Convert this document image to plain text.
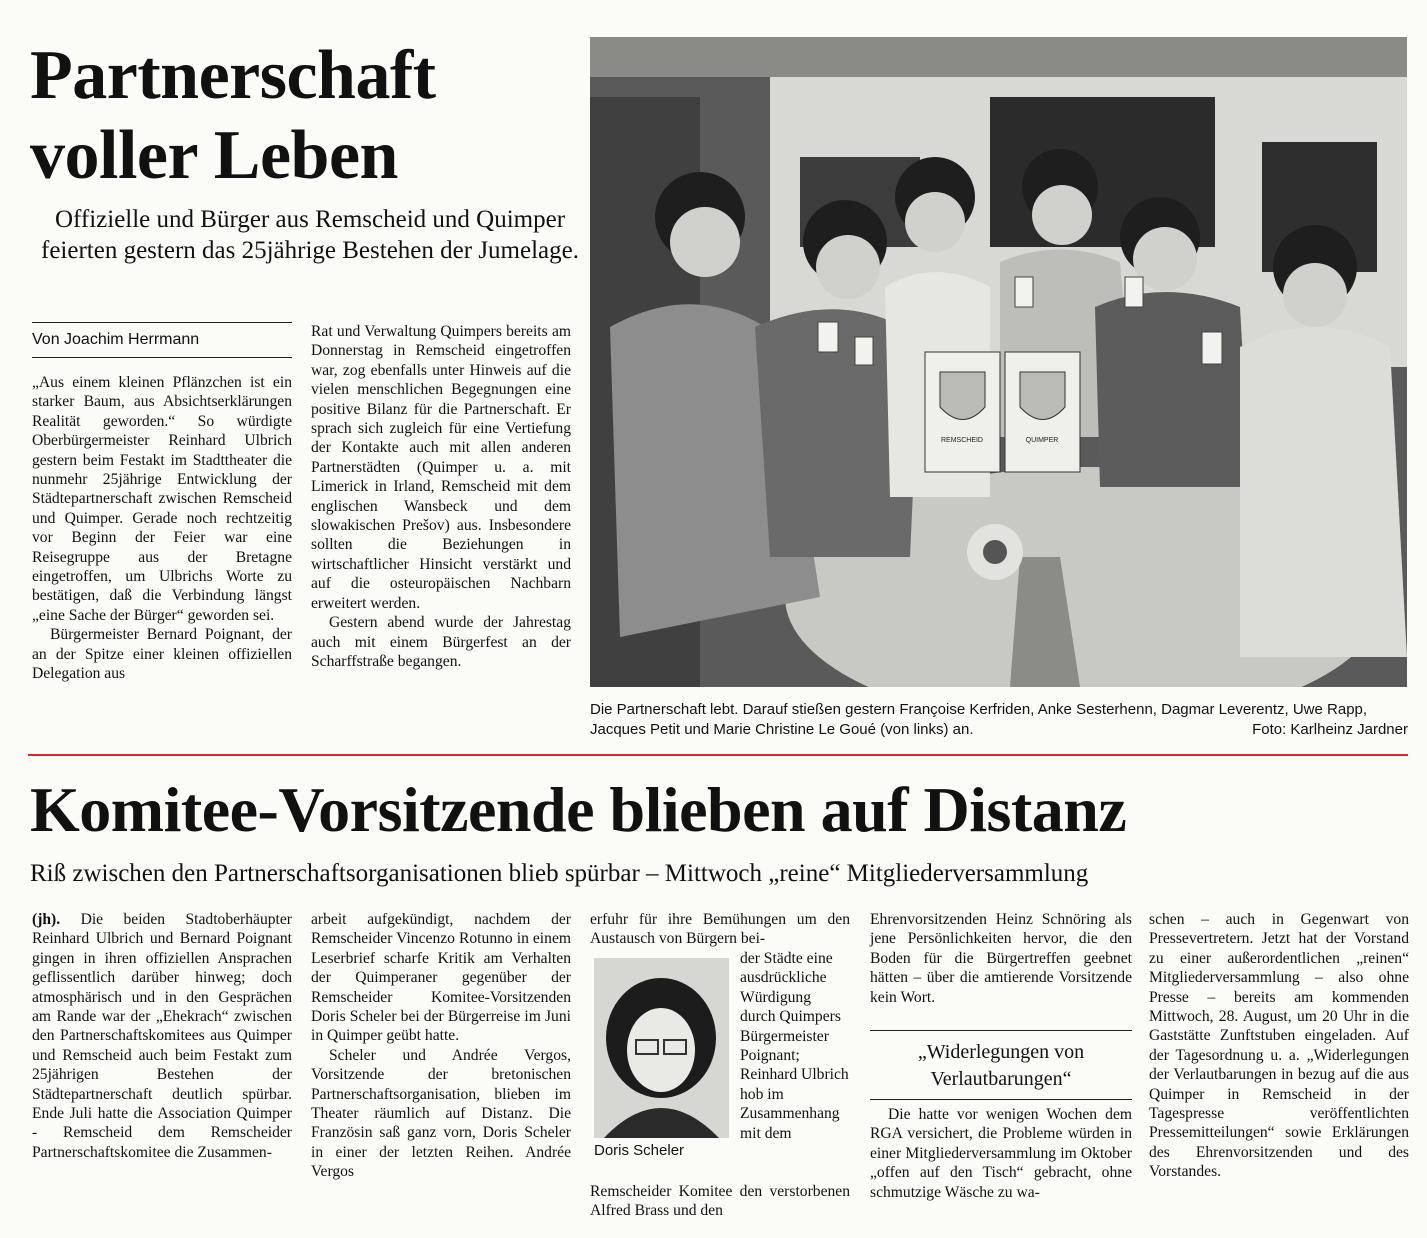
Partnerschaft voller Leben
Offizielle und Bürger aus Remscheid und Quimper feierten gestern das 25jährige Bestehen der Jumelage.
Von Joachim Herrmann

„Aus einem kleinen Pflänzchen ist ein starker Baum, aus Absichtserklärungen Realität geworden.“ So würdigte Oberbürgermeister Reinhard Ulbrich gestern beim Festakt im Stadttheater die nunmehr 25jährige Entwicklung der Städtepartnerschaft zwischen Remscheid und Quimper. Gerade noch rechtzeitig vor Beginn der Feier war eine Reisegruppe aus der Bretagne eingetroffen, um Ulbrichs Worte zu bestätigen, daß die Verbindung längst „eine Sache der Bürger“ geworden sei.

Bürgermeister Bernard Poignant, der an der Spitze einer kleinen offiziellen Delegation aus

Rat und Verwaltung Quimpers bereits am Donnerstag in Remscheid eingetroffen war, zog ebenfalls unter Hinweis auf die vielen menschlichen Begegnungen eine positive Bilanz für die Partnerschaft. Er sprach sich zugleich für eine Vertiefung der Kontakte auch mit allen anderen Partnerstädten (Quimper u. a. mit Limerick in Irland, Remscheid mit dem englischen Wansbeck und dem slowakischen Prešov) aus. Insbesondere sollten die Beziehungen in wirtschaftlicher Hinsicht verstärkt und auf die osteuropäischen Nachbarn erweitert werden.

Gestern abend wurde der Jahrestag auch mit einem Bürgerfest an der Scharffstraße begangen.

REMSCHEID	QUIMPER
Die Partnerschaft lebt. Darauf stießen gestern Françoise Kerfriden, Anke Sesterhenn, Dagmar Leverentz, Uwe Rapp, Jacques Petit und Marie Christine Le Goué (von links) an.	Foto: Karlheinz Jardner
Komitee-Vorsitzende blieben auf Distanz
Riß zwischen den Partnerschaftsorganisationen blieb spürbar – Mittwoch „reine“ Mitgliederversammlung

(jh). Die beiden Stadtoberhäupter Reinhard Ulbrich und Bernard Poignant gingen in ihren offiziellen Ansprachen geflissentlich darüber hinweg; doch atmosphärisch und in den Gesprächen am Rande war der „Ehekrach“ zwischen den Partnerschaftskomitees aus Quimper und Remscheid auch beim Festakt zum 25jährigen Bestehen der Städtepartnerschaft deutlich spürbar. Ende Juli hatte die Association Quimper - Remscheid dem Remscheider Partnerschaftskomitee die Zusammen-

arbeit aufgekündigt, nachdem der Remscheider Vincenzo Rotunno in einem Leserbrief scharfe Kritik am Verhalten der Quimperaner gegenüber der Remscheider Komitee-Vorsitzenden Doris Scheler bei der Bürgerreise im Juni in Quimper geübt hatte.

Scheler und Andrée Vergos, Vorsitzende der bretonischen Partnerschaftsorganisation, blieben im Theater räumlich auf Distanz. Die Französin saß ganz vorn, Doris Scheler in einer der letzten Reihen. Andrée Vergos

erfuhr für ihre Bemühungen um den Austausch von Bürgern bei-
der Städte eine ausdrückliche Würdigung durch Quimpers Bürgermeister Poignant; Reinhard Ulbrich hob im Zusammenhang mit dem
Remscheider Komitee den verstorbenen Alfred Brass und den
Doris Scheler
Ehrenvorsitzenden Heinz Schnöring als jene Persönlichkeiten hervor, die den Boden für die Bürgertreffen geebnet hätten – über die amtierende Vorsitzende kein Wort.
„Widerlegungen von Verlautbarungen“
Die hatte vor wenigen Wochen dem RGA versichert, die Probleme würden in einer Mitgliederversammlung im Oktober „offen auf den Tisch“ gebracht, ohne schmutzige Wäsche zu wa-
schen – auch in Gegenwart von Pressevertretern. Jetzt hat der Vorstand zu einer außerordentlichen „reinen“ Mitgliederversammlung – also ohne Presse – bereits am kommenden Mittwoch, 28. August, um 20 Uhr in die Gaststätte Zunftstuben eingeladen. Auf der Tagesordnung u. a. „Widerlegungen der Verlautbarungen in bezug auf die aus Quimper in Remscheid in der Tagespresse veröffentlichten Pressemitteilungen“ sowie Erklärungen des Ehrenvorsitzenden und des Vorstandes.
